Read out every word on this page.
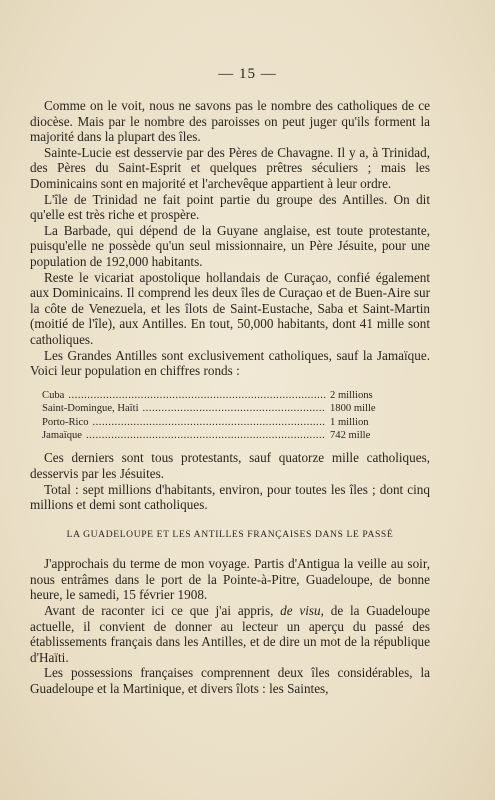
— 15 —

Comme on le voit, nous ne savons pas le nombre des catholiques de ce diocèse. Mais par le nombre des paroisses on peut juger qu'ils forment la majorité dans la plupart des îles.

Sainte-Lucie est desservie par des Pères de Chavagne. Il y a, à Trinidad, des Pères du Saint-Esprit et quelques prêtres séculiers ; mais les Dominicains sont en majorité et l'archevêque appartient à leur ordre.

L'île de Trinidad ne fait point partie du groupe des Antilles. On dit qu'elle est très riche et prospère.

La Barbade, qui dépend de la Guyane anglaise, est toute protestante, puisqu'elle ne possède qu'un seul missionnaire, un Père Jésuite, pour une population de 192,000 habitants.

Reste le vicariat apostolique hollandais de Curaçao, confié également aux Dominicains. Il comprend les deux îles de Curaçao et de Buen-Aire sur la côte de Venezuela, et les îlots de Saint-Eustache, Saba et Saint-Martin (moitié de l'île), aux Antilles. En tout, 50,000 habitants, dont 41 mille sont catholiques.

Les Grandes Antilles sont exclusivement catholiques, sauf la Jamaïque. Voici leur population en chiffres ronds :

Cuba .....	2 millions
Saint-Domingue, Haïti .....	1800 mille
Porto-Rico .....	1 million
Jamaïque .....	742 mille

Ces derniers sont tous protestants, sauf quatorze mille catholiques, desservis par les Jésuites.

Total : sept millions d'habitants, environ, pour toutes les îles ; dont cinq millions et demi sont catholiques.

LA GUADELOUPE ET LES ANTILLES FRANÇAISES DANS LE PASSÉ

J'approchais du terme de mon voyage. Partis d'Antigua la veille au soir, nous entrâmes dans le port de la Pointe-à-Pitre, Guadeloupe, de bonne heure, le samedi, 15 février 1908.

Avant de raconter ici ce que j'ai appris, de visu, de la Guadeloupe actuelle, il convient de donner au lecteur un aperçu du passé des établissements français dans les Antilles, et de dire un mot de la république d'Haïti.

Les possessions françaises comprennent deux îles considérables, la Guadeloupe et la Martinique, et divers îlots : les Saintes,
